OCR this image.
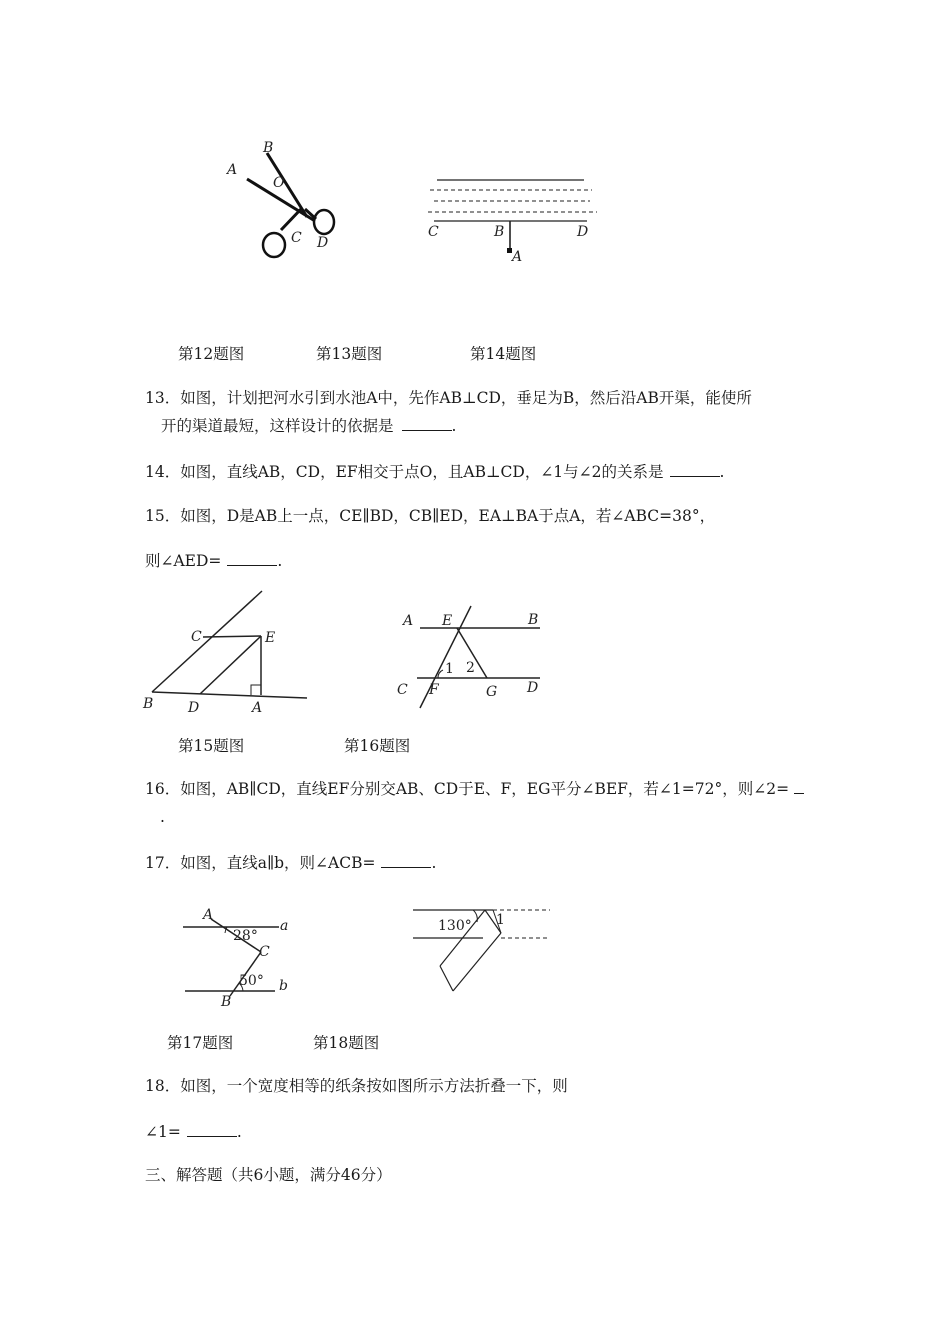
A
B
O
C D
C	B	D
A
第12题图	第13题图	第14题图
13．如图，计划把河水引到水池A中，先作AB⊥CD，垂足为B，然后沿AB开渠，能使所
开的渠道最短，这样设计的依据是	.
14．如图，直线AB，CD，EF相交于点O，且AB⊥CD，∠1与∠2的关系是	.
15．如图，D是AB上一点，CE∥BD，CB∥ED，EA⊥BA于点A，若∠ABC=38°，
则∠AED=	.
C	E
B D	A
A E	B
C F	G D
1 2
第15题图	第16题图
16．如图，AB∥CD，直线EF分别交AB、CD于E、F，EG平分∠BEF，若∠1=72°，则∠2=
.
17．如图，直线a∥b，则∠ACB=	.
A
a
28°
C
50° b
B
130° 1
第17题图	第18题图
18．如图，一个宽度相等的纸条按如图所示方法折叠一下，则
∠1=	.
三、解答题（共6小题，满分46分）
